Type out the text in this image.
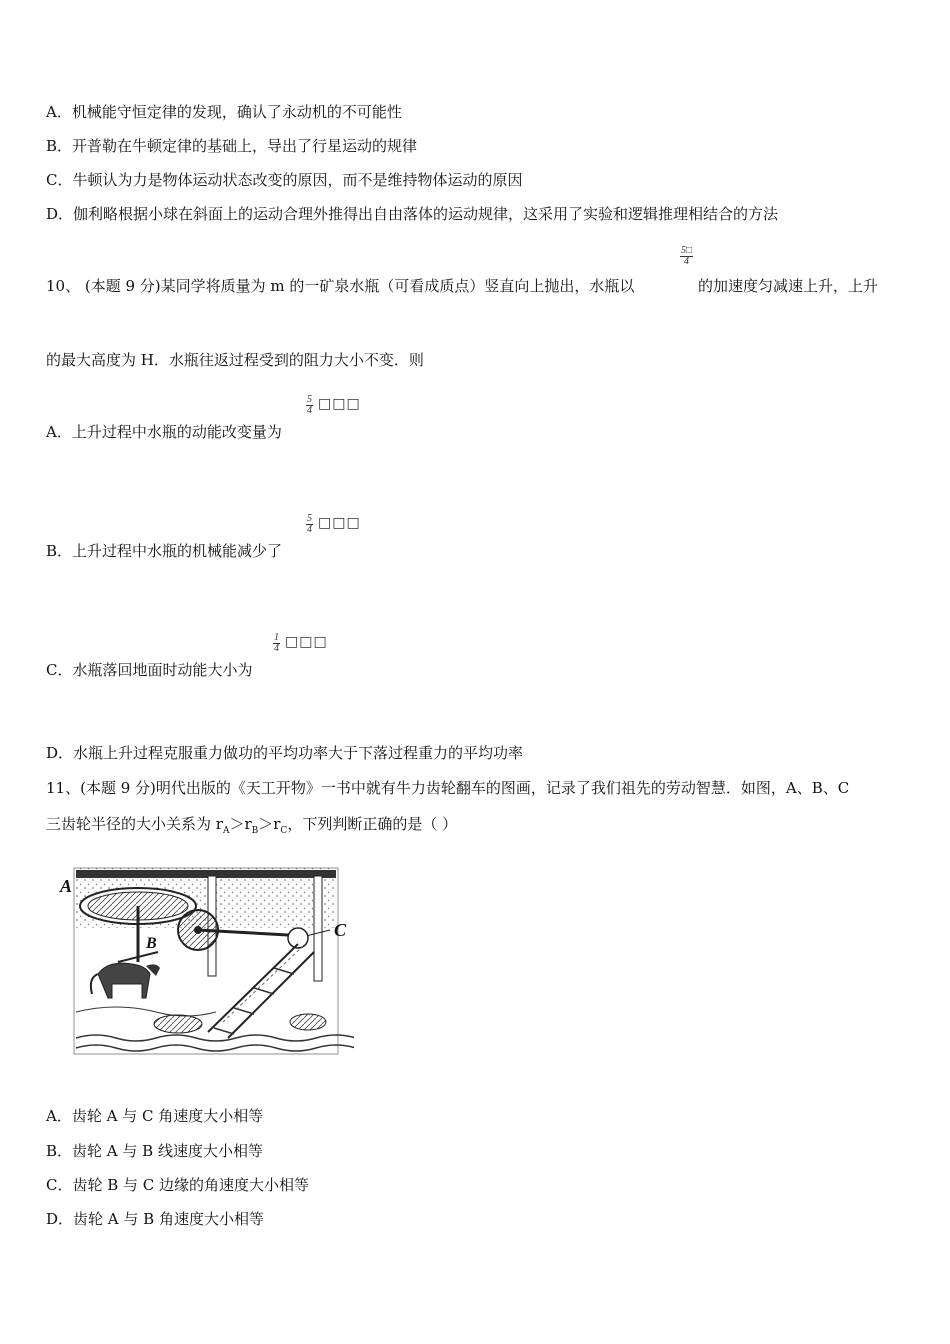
A．机械能守恒定律的发现，确认了永动机的不可能性
B．开普勒在牛顿定律的基础上，导出了行星运动的规律
C．牛顿认为力是物体运动状态改变的原因，而不是维持物体运动的原因
D．伽利略根据小球在斜面上的运动合理外推得出自由落体的运动规律，这采用了实验和逻辑推理相结合的方法
10、 (本题 9 分)某同学将质量为 m 的一矿泉水瓶（可看成质点）竖直向上抛出，水瓶以
$\frac{5□}{4}$
的加速度匀减速上升，上升
的最大高度为 H．水瓶往返过程受到的阻力大小不变．则
$\frac{5}{4}$ □□□
A．上升过程中水瓶的动能改变量为
$\frac{5}{4}$ □□□
B．上升过程中水瓶的机械能减少了
$\frac{1}{4}$ □□□
C．水瓶落回地面时动能大小为
D．水瓶上升过程克服重力做功的平均功率大于下落过程重力的平均功率
11、(本题 9 分)明代出版的《天工开物》一书中就有牛力齿轮翻车的图画，记录了我们祖先的劳动智慧．如图，A、B、C
三齿轮半径的大小关系为 $r_A>r_B>r_C$，下列判断正确的是（ ）
A
B
C
A．齿轮 A 与 C 角速度大小相等
B．齿轮 A 与 B 线速度大小相等
C．齿轮 B 与 C 边缘的角速度大小相等
D．齿轮 A 与 B 角速度大小相等
